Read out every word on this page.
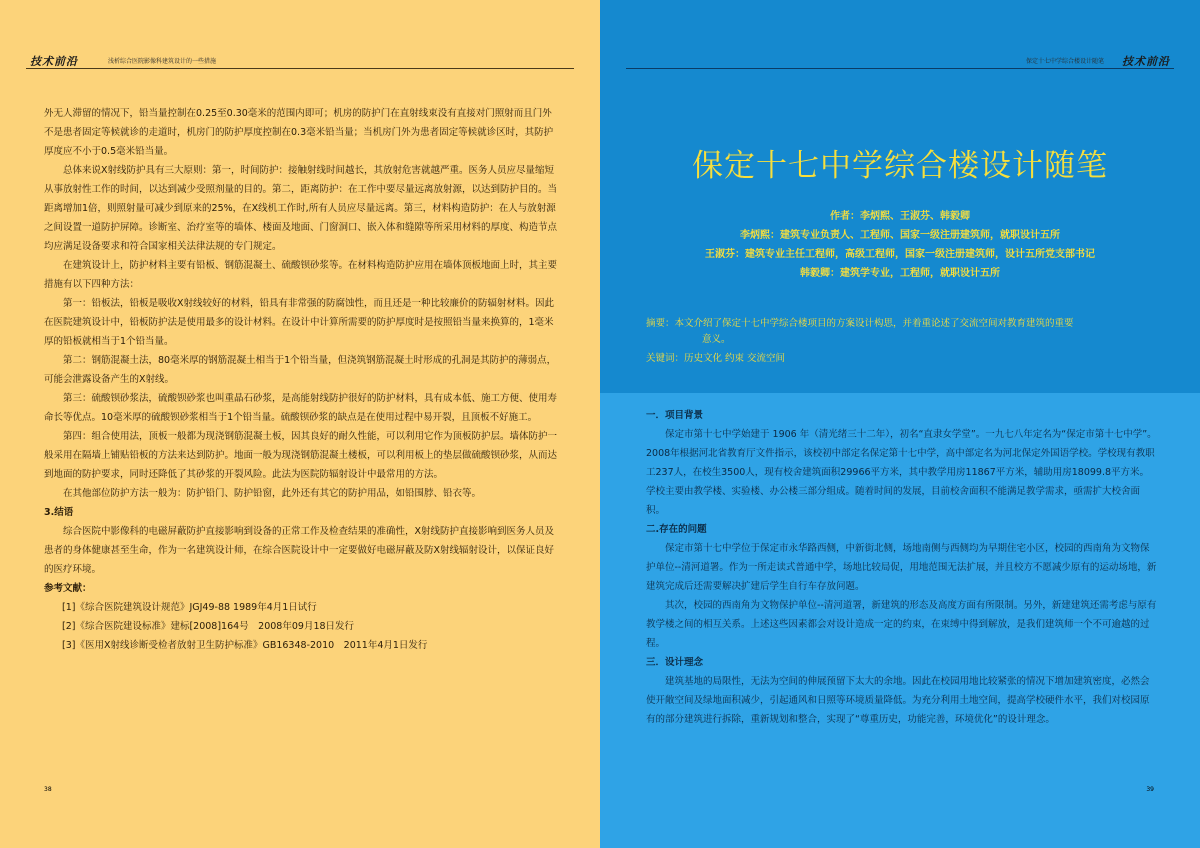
技术前沿	浅析综合医院影像科建筑设计的一些措施

外无人滞留的情况下，铅当量控制在0.25至0.30毫米的范围内即可；机房的防护门在直射线束没有直接对门照射而且门外不是患者固定等候就诊的走道时，机房门的防护厚度控制在0.3毫米铅当量；当机房门外为患者固定等候就诊区时，其防护厚度应不小于0.5毫米铅当量。

总体来说X射线防护具有三大原则：第一，时间防护：接触射线时间越长，其放射危害就越严重。医务人员应尽量缩短从事放射性工作的时间，以达到减少受照剂量的目的。第二，距离防护：在工作中要尽量远离放射源，以达到防护目的。当距离增加1倍，则照射量可减少到原来的25%，在X线机工作时,所有人员应尽量远离。第三，材料构造防护：在人与放射源之间设置一道防护屏障。诊断室、治疗室等的墙体、楼面及地面、门窗洞口、嵌入体和缝隙等所采用材料的厚度、构造节点均应满足设备要求和符合国家相关法律法规的专门规定。

在建筑设计上，防护材料主要有铅板、钢筋混凝土、硫酸钡砂浆等。在材料构造防护应用在墙体顶板地面上时，其主要措施有以下四种方法：

第一：铅板法，铅板是吸收X射线较好的材料，铅具有非常强的防腐蚀性，而且还是一种比较廉价的防辐射材料。因此在医院建筑设计中，铅板防护法是使用最多的设计材料。在设计中计算所需要的防护厚度时是按照铅当量来换算的，1毫米厚的铅板就相当于1个铅当量。

第二：钢筋混凝土法，80毫米厚的钢筋混凝土相当于1个铅当量，但浇筑钢筋混凝土时形成的孔洞是其防护的薄弱点，可能会泄露设备产生的X射线。

第三：硫酸钡砂浆法，硫酸钡砂浆也叫重晶石砂浆，是高能射线防护很好的防护材料，具有成本低、施工方便、使用寿命长等优点。10毫米厚的硫酸钡砂浆相当于1个铅当量。硫酸钡砂浆的缺点是在使用过程中易开裂，且顶板不好施工。

第四：组合使用法，顶板一般都为现浇钢筋混凝土板，因其良好的耐久性能，可以利用它作为顶板防护层。墙体防护一般采用在隔墙上铺贴铅板的方法来达到防护。地面一般为现浇钢筋混凝土楼板，可以利用板上的垫层做硫酸钡砂浆，从而达到地面的防护要求，同时还降低了其砂浆的开裂风险。此法为医院防辐射设计中最常用的方法。

在其他部位防护方法一般为：防护铅门、防护铅窗，此外还有其它的防护用品，如铅围脖、铅衣等。

3.结语

综合医院中影像科的电磁屏蔽防护直接影响到设备的正常工作及检查结果的准确性，X射线防护直接影响到医务人员及患者的身体健康甚至生命，作为一名建筑设计师，在综合医院设计中一定要做好电磁屏蔽及防X射线辐射设计，以保证良好的医疗环境。

参考文献：

[1]《综合医院建筑设计规范》JGJ49-88 1989年4月1日试行

[2]《综合医院建设标准》建标[2008]164号　2008年09月18日发行

[3]《医用X射线诊断受检者放射卫生防护标准》GB16348-2010　2011年4月1日发行

38
保定十七中学综合楼设计随笔 技术前沿
保定十七中学综合楼设计随笔

作者：李炳熙、王淑芬、韩毅卿

李炳熙：建筑专业负责人、工程师、国家一级注册建筑师，就职设计五所

王淑芬：建筑专业主任工程师，高级工程师，国家一级注册建筑师，设计五所党支部书记

韩毅卿：建筑学专业，工程师，就职设计五所

摘要：本文介绍了保定十七中学综合楼项目的方案设计构思，并着重论述了交流空间对教育建筑的重要

意义。

关键词：历史文化 约束 交流空间

一．项目背景

保定市第十七中学始建于 1906 年（清光绪三十二年），初名“直隶女学堂”。一九七八年定名为“保定市第十七中学”。2008年根据河北省教育厅文件指示，该校初中部定名保定第十七中学，高中部定名为河北保定外国语学校。学校现有教职工237人，在校生3500人，现有校舍建筑面积29966平方米，其中教学用房11867平方米，辅助用房18099.8平方米。学校主要由教学楼、实验楼、办公楼三部分组成。随着时间的发展，目前校舍面积不能满足教学需求，亟需扩大校舍面积。

二.存在的问题

保定市第十七中学位于保定市永华路西侧，中新街北侧，场地南侧与西侧均为早期住宅小区，校园的西南角为文物保护单位--清河道署。作为一所走读式普通中学，场地比较局促，用地范围无法扩展，并且校方不愿减少原有的运动场地，新建筑完成后还需要解决扩建后学生自行车存放问题。

其次，校园的西南角为文物保护单位--清河道署，新建筑的形态及高度方面有所限制。另外，新建建筑还需考虑与原有教学楼之间的相互关系。上述这些因素都会对设计造成一定的约束，在束缚中得到解放，是我们建筑师一个不可逾越的过程。

三．设计理念

建筑基地的局限性，无法为空间的伸展预留下太大的余地。因此在校园用地比较紧张的情况下增加建筑密度，必然会使开敞空间及绿地面积减少，引起通风和日照等环境质量降低。为充分利用土地空间，提高学校硬件水平，我们对校园原有的部分建筑进行拆除，重新规划和整合，实现了“尊重历史，功能完善，环境优化”的设计理念。

39
